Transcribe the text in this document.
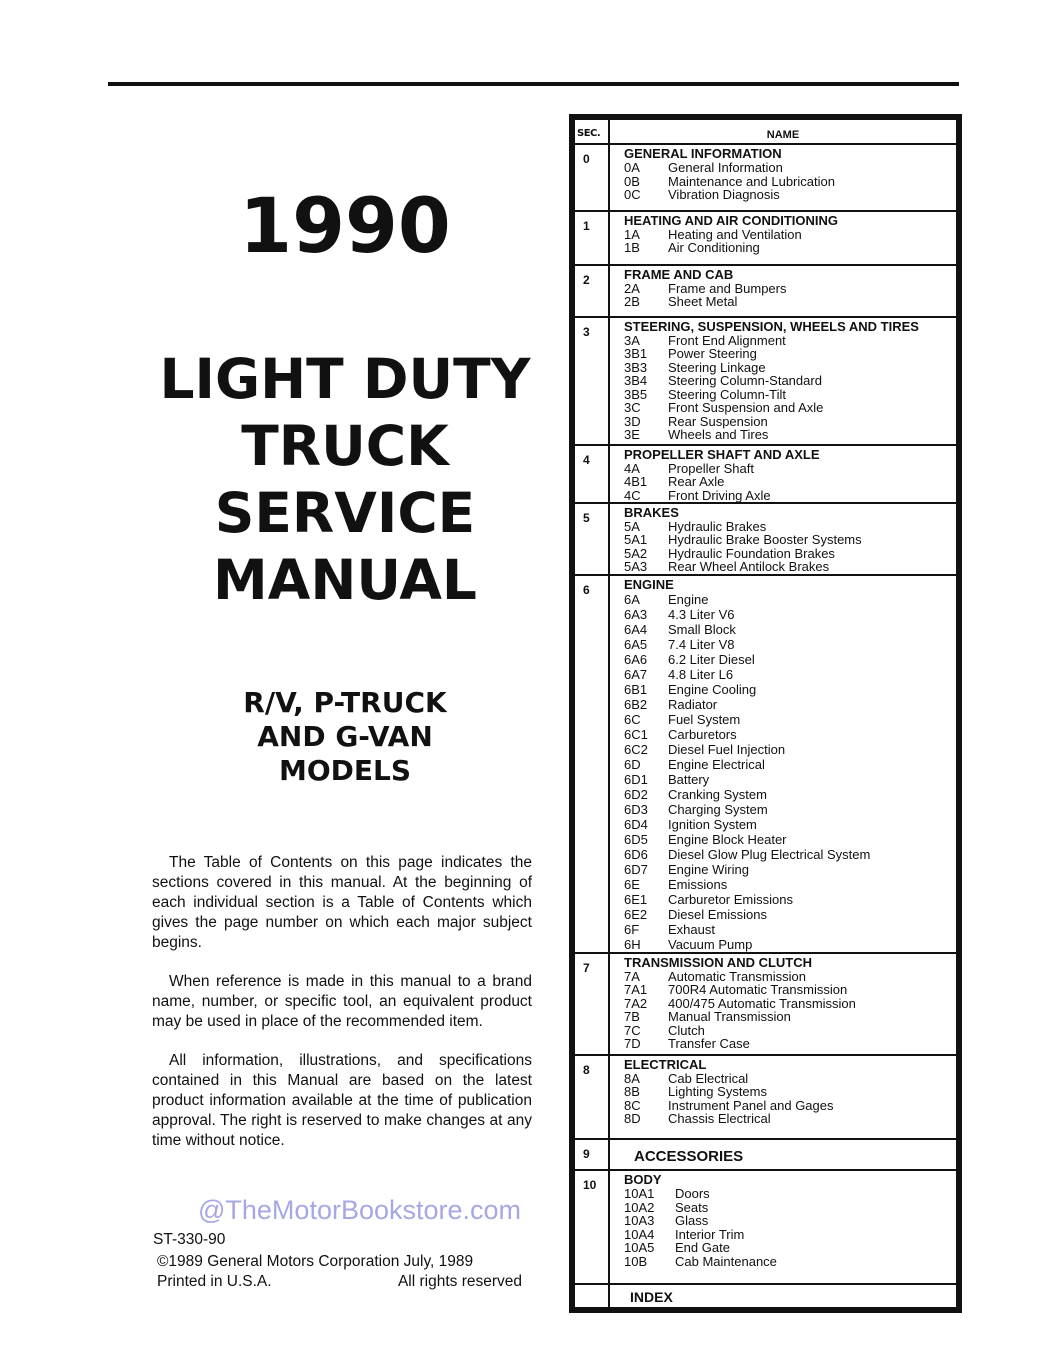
1990
LIGHT DUTY
TRUCK
SERVICE
MANUAL
R/V, P-TRUCK
AND G-VAN
MODELS

The Table of Contents on this page indicates the sections covered in this manual. At the beginning of each individual section is a Table of Contents which gives the page number on which each major subject begins.

When reference is made in this manual to a brand name, number, or specific tool, an equivalent product may be used in place of the recommended item.

All information, illustrations, and specifications contained in this Manual are based on the latest product information available at the time of publication approval. The right is reserved to make changes at any time without notice.

@TheMotorBookstore.com
ST-330-90
©1989 General Motors Corporation July, 1989
Printed in U.S.A.	All rights reserved
SEC.	NAME
0	GENERAL INFORMATION
0A	General Information
0B	Maintenance and Lubrication
0C	Vibration Diagnosis
1	HEATING AND AIR CONDITIONING
1A	Heating and Ventilation
1B	Air Conditioning
2	FRAME AND CAB
2A	Frame and Bumpers
2B	Sheet Metal
3	STEERING, SUSPENSION, WHEELS AND TIRES
3A	Front End Alignment
3B1	Power Steering
3B3	Steering Linkage
3B4	Steering Column-Standard
3B5	Steering Column-Tilt
3C	Front Suspension and Axle
3D	Rear Suspension
3E	Wheels and Tires
4	PROPELLER SHAFT AND AXLE
4A	Propeller Shaft
4B1	Rear Axle
4C	Front Driving Axle
5	BRAKES
5A	Hydraulic Brakes
5A1	Hydraulic Brake Booster Systems
5A2	Hydraulic Foundation Brakes
5A3	Rear Wheel Antilock Brakes
6	ENGINE
6A	Engine
6A3	4.3 Liter V6
6A4	Small Block
6A5	7.4 Liter V8
6A6	6.2 Liter Diesel
6A7	4.8 Liter L6
6B1	Engine Cooling
6B2	Radiator
6C	Fuel System
6C1	Carburetors
6C2	Diesel Fuel Injection
6D	Engine Electrical
6D1	Battery
6D2	Cranking System
6D3	Charging System
6D4	Ignition System
6D5	Engine Block Heater
6D6	Diesel Glow Plug Electrical System
6D7	Engine Wiring
6E	Emissions
6E1	Carburetor Emissions
6E2	Diesel Emissions
6F	Exhaust
6H	Vacuum Pump
7	TRANSMISSION AND CLUTCH
7A	Automatic Transmission
7A1	700R4 Automatic Transmission
7A2	400/475 Automatic Transmission
7B	Manual Transmission
7C	Clutch
7D	Transfer Case
8	ELECTRICAL
8A	Cab Electrical
8B	Lighting Systems
8C	Instrument Panel and Gages
8D	Chassis Electrical
9	ACCESSORIES
10	BODY
10A1	Doors
10A2	Seats
10A3	Glass
10A4	Interior Trim
10A5	End Gate
10B	Cab Maintenance
INDEX
